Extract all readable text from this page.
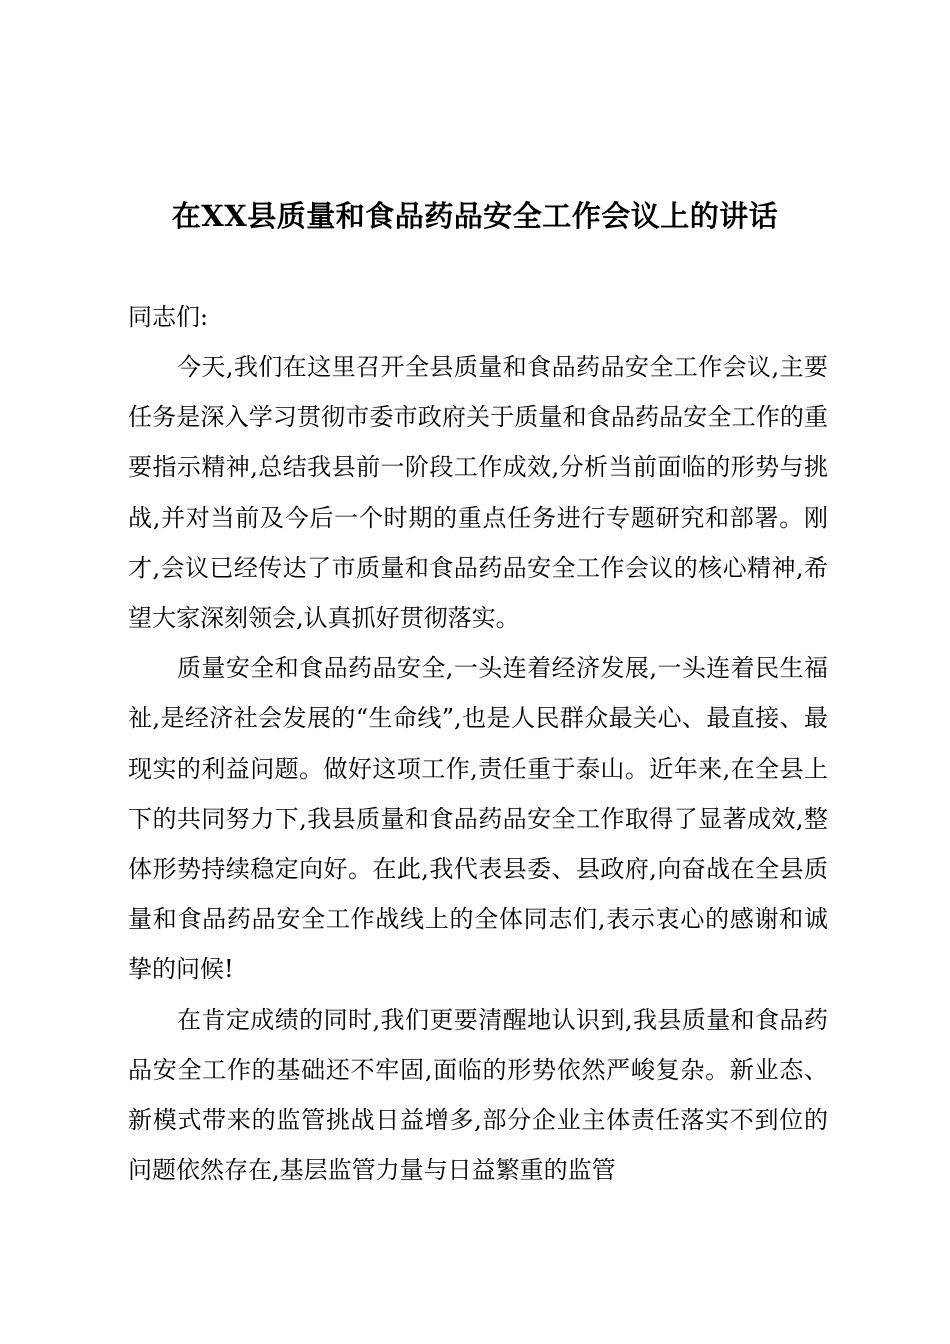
在XX县质量和食品药品安全工作会议上的讲话

同志们:

今天,我们在这里召开全县质量和食品药品安全工作会议,主要任务是深入学习贯彻市委市政府关于质量和食品药品安全工作的重要指示精神,总结我县前一阶段工作成效,分析当前面临的形势与挑战,并对当前及今后一个时期的重点任务进行专题研究和部署。刚才,会议已经传达了市质量和食品药品安全工作会议的核心精神,希望大家深刻领会,认真抓好贯彻落实。

质量安全和食品药品安全,一头连着经济发展,一头连着民生福祉,是经济社会发展的“生命线”,也是人民群众最关心、最直接、最现实的利益问题。做好这项工作,责任重于泰山。近年来,在全县上下的共同努力下,我县质量和食品药品安全工作取得了显著成效,整体形势持续稳定向好。在此,我代表县委、县政府,向奋战在全县质量和食品药品安全工作战线上的全体同志们,表示衷心的感谢和诚挚的问候!

在肯定成绩的同时,我们更要清醒地认识到,我县质量和食品药品安全工作的基础还不牢固,面临的形势依然严峻复杂。新业态、新模式带来的监管挑战日益增多,部分企业主体责任落实不到位的问题依然存在,基层监管力量与日益繁重的监管
